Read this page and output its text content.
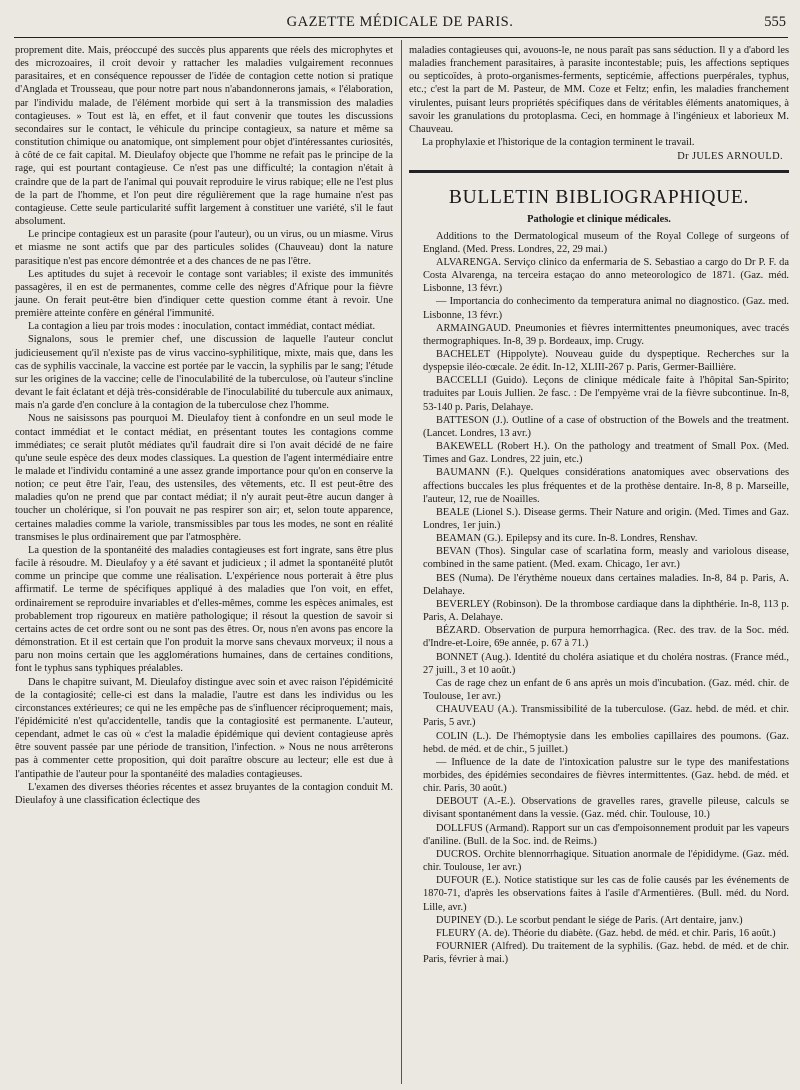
GAZETTE MÉDICALE DE PARIS.	555

proprement dite. Mais, préoccupé des succès plus apparents que réels des microphytes et des microzoaires, il croit devoir y rattacher les maladies vulgairement reconnues parasitaires, et en conséquence repousser de l'idée de contagion cette notion si pratique d'Anglada et Trousseau, que pour notre part nous n'abandonnerons jamais, « l'élaboration, par l'individu malade, de l'élément morbide qui sert à la transmission des maladies contagieuses. » Tout est là, en effet, et il faut convenir que toutes les discussions secondaires sur le contact, le véhicule du principe contagieux, sa nature et même sa constitution chimique ou anatomique, ont simplement pour objet d'intéressantes curiosités, à côté de ce fait capital. M. Dieulafoy objecte que l'homme ne refait pas le principe de la rage, qui est pourtant contagieuse. Ce n'est pas une difficulté; la contagion n'était à craindre que de la part de l'animal qui pouvait reproduire le virus rabique; elle ne l'est plus de la part de l'homme, et l'on peut dire régulièrement que la rage humaine n'est pas contagieuse. Cette seule particularité suffit largement à constituer une variété, s'il le faut absolument.

Le principe contagieux est un parasite (pour l'auteur), ou un virus, ou un miasme. Virus et miasme ne sont actifs que par des particules solides (Chauveau) dont la nature parasitique n'est pas encore démontrée et a des chances de ne pas l'être.

Les aptitudes du sujet à recevoir le contage sont variables; il existe des immunités passagères, il en est de permanentes, comme celle des nègres d'Afrique pour la fièvre jaune. On ferait peut-être bien d'indiquer cette question comme étant à revoir. Une première atteinte confère en général l'immunité.

La contagion a lieu par trois modes : inoculation, contact immédiat, contact médiat.

Signalons, sous le premier chef, une discussion de laquelle l'auteur conclut judicieusement qu'il n'existe pas de virus vaccino-syphilitique, mixte, mais que, dans les cas de syphilis vaccinale, la vaccine est portée par le vaccin, la syphilis par le sang; l'étude sur les origines de la vaccine; celle de l'inoculabilité de la tuberculose, où l'auteur s'incline devant le fait éclatant et déjà très-considérable de l'inoculabilité du tubercule aux animaux, mais n'a garde d'en conclure à la contagion de la tuberculose chez l'homme.

Nous ne saisissons pas pourquoi M. Dieulafoy tient à confondre en un seul mode le contact immédiat et le contact médiat, en présentant toutes les contagions comme immédiates; ce serait plutôt médiates qu'il faudrait dire si l'on avait décidé de ne faire qu'une seule espèce des deux modes classiques. La question de l'agent intermédiaire entre le malade et l'individu contaminé a une assez grande importance pour qu'on en conserve la notion; ce peut être l'air, l'eau, des ustensiles, des vêtements, etc. Il est peut-être des maladies qu'on ne prend que par contact médiat; il n'y aurait peut-être aucun danger à toucher un cholérique, si l'on pouvait ne pas respirer son air; et, selon toute apparence, certaines maladies comme la variole, transmissibles par tous les modes, ne sont en réalité transmises le plus ordinairement que par l'atmosphère.

La question de la spontanéité des maladies contagieuses est fort ingrate, sans être plus facile à résoudre. M. Dieulafoy y a été savant et judicieux ; il admet la spontanéité plutôt comme un principe que comme une réalisation. L'expérience nous porterait à être plus affirmatif. Le terme de spécifiques appliqué à des maladies que l'on voit, en effet, ordinairement se reproduire invariables et d'elles-mêmes, comme les espèces animales, est probablement trop rigoureux en matière pathologique; il résout la question de savoir si certains actes de cet ordre sont ou ne sont pas des êtres. Or, nous n'en avons pas encore la démonstration. Et il est certain que l'on produit la morve sans chevaux morveux; il nous a paru non moins certain que les agglomérations humaines, dans de certaines conditions, font le typhus sans typhiques préalables.

Dans le chapitre suivant, M. Dieulafoy distingue avec soin et avec raison l'épidémicité de la contagiosité; celle-ci est dans la maladie, l'autre est dans les individus ou les circonstances extérieures; ce qui ne les empêche pas de s'influencer réciproquement; mais, l'épidémicité n'est qu'accidentelle, tandis que la contagiosité est permanente. L'auteur, cependant, admet le cas où « c'est la maladie épidémique qui devient contagieuse après être souvent passée par une période de transition, l'infection. » Nous ne nous arrêterons pas à commenter cette proposition, qui doit paraître obscure au lecteur; elle est due à l'antipathie de l'auteur pour la spontanéité des maladies contagieuses.

L'examen des diverses théories récentes et assez bruyantes de la contagion conduit M. Dieulafoy à une classification éclectique des

maladies contagieuses qui, avouons-le, ne nous paraît pas sans séduction. Il y a d'abord les maladies franchement parasitaires, à parasite incontestable; puis, les affections septiques ou septicoïdes, à proto-organismes-ferments, septicémie, affections puerpérales, typhus, etc.; c'est la part de M. Pasteur, de MM. Coze et Feltz; enfin, les maladies franchement virulentes, puisant leurs propriétés spécifiques dans de véritables éléments anatomiques, à savoir les granulations du protoplasma. Ceci, en hommage à l'ingénieux et laborieux M. Chauveau.

La prophylaxie et l'historique de la contagion terminent le travail.

Dr JULES ARNOULD.
BULLETIN BIBLIOGRAPHIQUE.
Pathologie et clinique médicales.

Additions to the Dermatological museum of the Royal College of surgeons of England. (Med. Press. Londres, 22, 29 mai.)

ALVARENGA. Serviço clinico da enfermaria de S. Sebastiao a cargo do Dr P. F. da Costa Alvarenga, na terceira estaçao do anno meteorologico de 1871. (Gaz. méd. Lisbonne, 13 févr.)

— Importancia do conhecimento da temperatura animal no diagnostico. (Gaz. med. Lisbonne, 13 févr.)

ARMAINGAUD. Pneumonies et fièvres intermittentes pneumoniques, avec tracés thermographiques. In-8, 39 p. Bordeaux, imp. Crugy.

BACHELET (Hippolyte). Nouveau guide du dyspeptique. Recherches sur la dyspepsie iléo-cœcale. 2e édit. In-12, XLIII-267 p. Paris, Germer-Baillière.

BACCELLI (Guido). Leçons de clinique médicale faite à l'hôpital San-Spirito; traduites par Louis Jullien. 2e fasc. : De l'empyème vrai de la fièvre subcontinue. In-8, 53-140 p. Paris, Delahaye.

BATTESON (J.). Outline of a case of obstruction of the Bowels and the treatment. (Lancet. Londres, 13 avr.)

BAKEWELL (Robert H.). On the pathology and treatment of Small Pox. (Med. Times and Gaz. Londres, 22 juin, etc.)

BAUMANN (F.). Quelques considérations anatomiques avec observations des affections buccales les plus fréquentes et de la prothèse dentaire. In-8, 8 p. Marseille, l'auteur, 12, rue de Noailles.

BEALE (Lionel S.). Disease germs. Their Nature and origin. (Med. Times and Gaz. Londres, 1er juin.)

BEAMAN (G.). Epilepsy and its cure. In-8. Londres, Renshav.

BEVAN (Thos). Singular case of scarlatina form, measly and variolous disease, combined in the same patient. (Med. exam. Chicago, 1er avr.)

BES (Numa). De l'érythème noueux dans certaines maladies. In-8, 84 p. Paris, A. Delahaye.

BEVERLEY (Robinson). De la thrombose cardiaque dans la diphthérie. In-8, 113 p. Paris, A. Delahaye.

BÉZARD. Observation de purpura hemorrhagica. (Rec. des trav. de la Soc. méd. d'Indre-et-Loire, 69e année, p. 67 à 71.)

BONNET (Aug.). Identité du choléra asiatique et du choléra nostras. (France méd., 27 juill., 3 et 10 août.)

Cas de rage chez un enfant de 6 ans après un mois d'incubation. (Gaz. méd. chir. de Toulouse, 1er avr.)

CHAUVEAU (A.). Transmissibilité de la tuberculose. (Gaz. hebd. de méd. et chir. Paris, 5 avr.)

COLIN (L.). De l'hémoptysie dans les embolies capillaires des poumons. (Gaz. hebd. de méd. et de chir., 5 juillet.)

— Influence de la date de l'intoxication palustre sur le type des manifestations morbides, des épidémies secondaires de fièvres intermittentes. (Gaz. hebd. de méd. et chir. Paris, 30 août.)

DEBOUT (A.-E.). Observations de gravelles rares, gravelle pileuse, calculs se divisant spontanément dans la vessie. (Gaz. méd. chir. Toulouse, 10.)

DOLLFUS (Armand). Rapport sur un cas d'empoisonnement produit par les vapeurs d'aniline. (Bull. de la Soc. ind. de Reims.)

DUCROS. Orchite blennorrhagique. Situation anormale de l'épididyme. (Gaz. méd. chir. Toulouse, 1er avr.)

DUFOUR (E.). Notice statistique sur les cas de folie causés par les événements de 1870-71, d'après les observations faites à l'asile d'Armentières. (Bull. méd. du Nord. Lille, avr.)

DUPINEY (D.). Le scorbut pendant le siége de Paris. (Art dentaire, janv.)

FLEURY (A. de). Théorie du diabète. (Gaz. hebd. de méd. et chir. Paris, 16 août.)

FOURNIER (Alfred). Du traitement de la syphilis. (Gaz. hebd. de méd. et de chir. Paris, février à mai.)
